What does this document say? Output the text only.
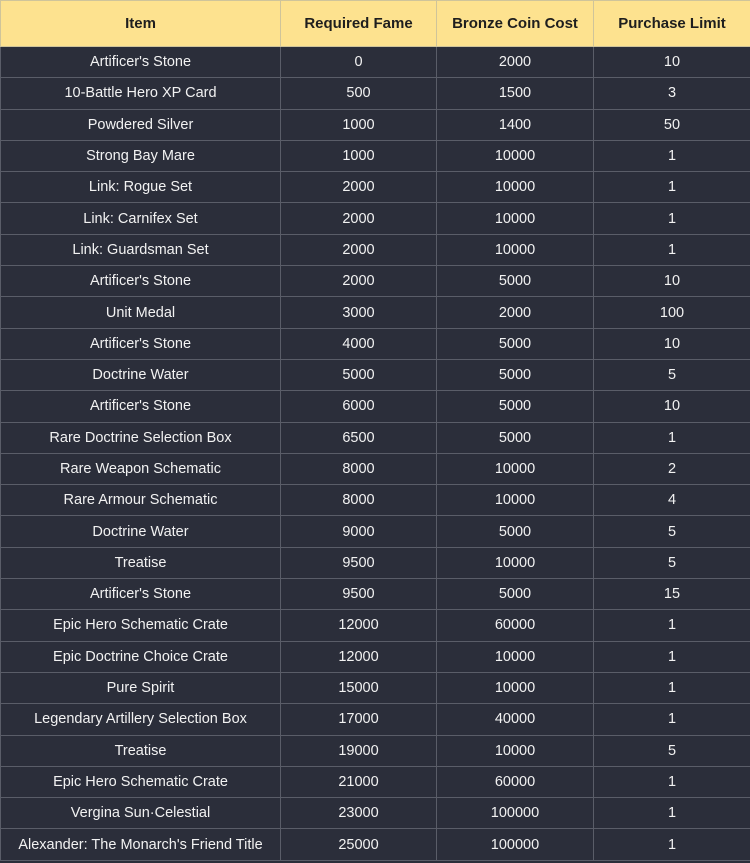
Item	Required Fame	Bronze Coin Cost	Purchase Limit
Artificer's Stone	0	2000	10
10-Battle Hero XP Card	500	1500	3
Powdered Silver	1000	1400	50
Strong Bay Mare	1000	10000	1
Link: Rogue Set	2000	10000	1
Link: Carnifex Set	2000	10000	1
Link: Guardsman Set	2000	10000	1
Artificer's Stone	2000	5000	10
Unit Medal	3000	2000	100
Artificer's Stone	4000	5000	10
Doctrine Water	5000	5000	5
Artificer's Stone	6000	5000	10
Rare Doctrine Selection Box	6500	5000	1
Rare Weapon Schematic	8000	10000	2
Rare Armour Schematic	8000	10000	4
Doctrine Water	9000	5000	5
Treatise	9500	10000	5
Artificer's Stone	9500	5000	15
Epic Hero Schematic Crate	12000	60000	1
Epic Doctrine Choice Crate	12000	10000	1
Pure Spirit	15000	10000	1
Legendary Artillery Selection Box	17000	40000	1
Treatise	19000	10000	5
Epic Hero Schematic Crate	21000	60000	1
Vergina Sun·Celestial	23000	100000	1
Alexander: The Monarch's Friend Title	25000	100000	1
